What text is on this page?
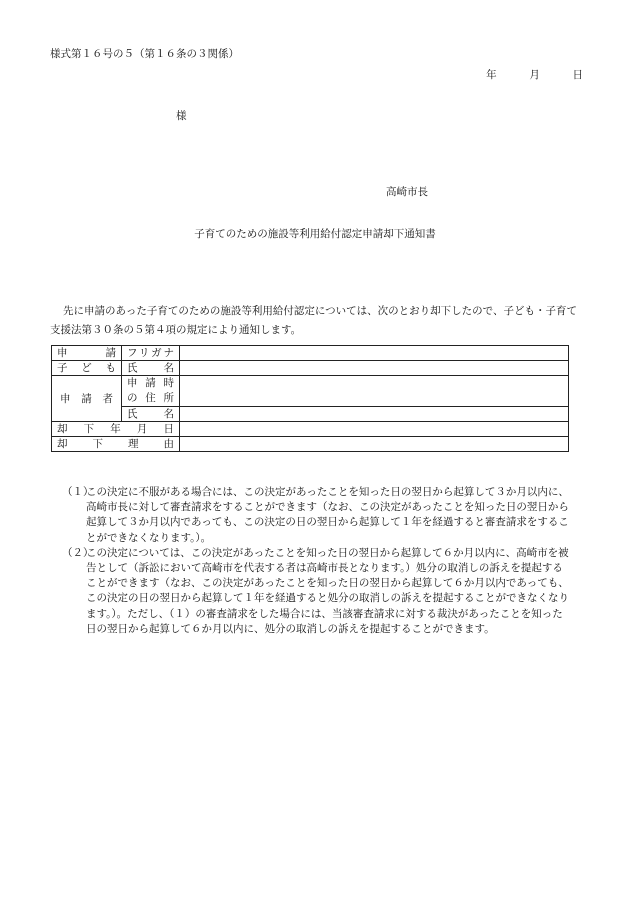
様式第１６号の５（第１６条の３関係）
年	月	日
様
高崎市長
子育てのための施設等利用給付認定申請却下通知書
先に申請のあった子育てのための施設等利用給付認定については、次のとおり却下したので、子ども・子育て支援法第３０条の５第４項の規定により通知します。
申　請	フリガナ	
子ども	氏　名	
申請者	申請時
の住所	

	氏　名	
却下年月日		
却下理由		

（１）
この決定に不服がある場合には、この決定があったことを知った日の翌日から起算して３か月以内に、高崎市長に対して審査請求をすることができます（なお、この決定があったことを知った日の翌日から起算して３か月以内であっても、この決定の日の翌日から起算して１年を経過すると審査請求をすることができなくなります。）。

（２）
この決定については、この決定があったことを知った日の翌日から起算して６か月以内に、高崎市を被告として（訴訟において高崎市を代表する者は高崎市長となります。）処分の取消しの訴えを提起することができます（なお、この決定があったことを知った日の翌日から起算して６か月以内であっても、この決定の日の翌日から起算して１年を経過すると処分の取消しの訴えを提起することができなくなります。）。ただし、（１）の審査請求をした場合には、当該審査請求に対する裁決があったことを知った日の翌日から起算して６か月以内に、処分の取消しの訴えを提起することができます。
